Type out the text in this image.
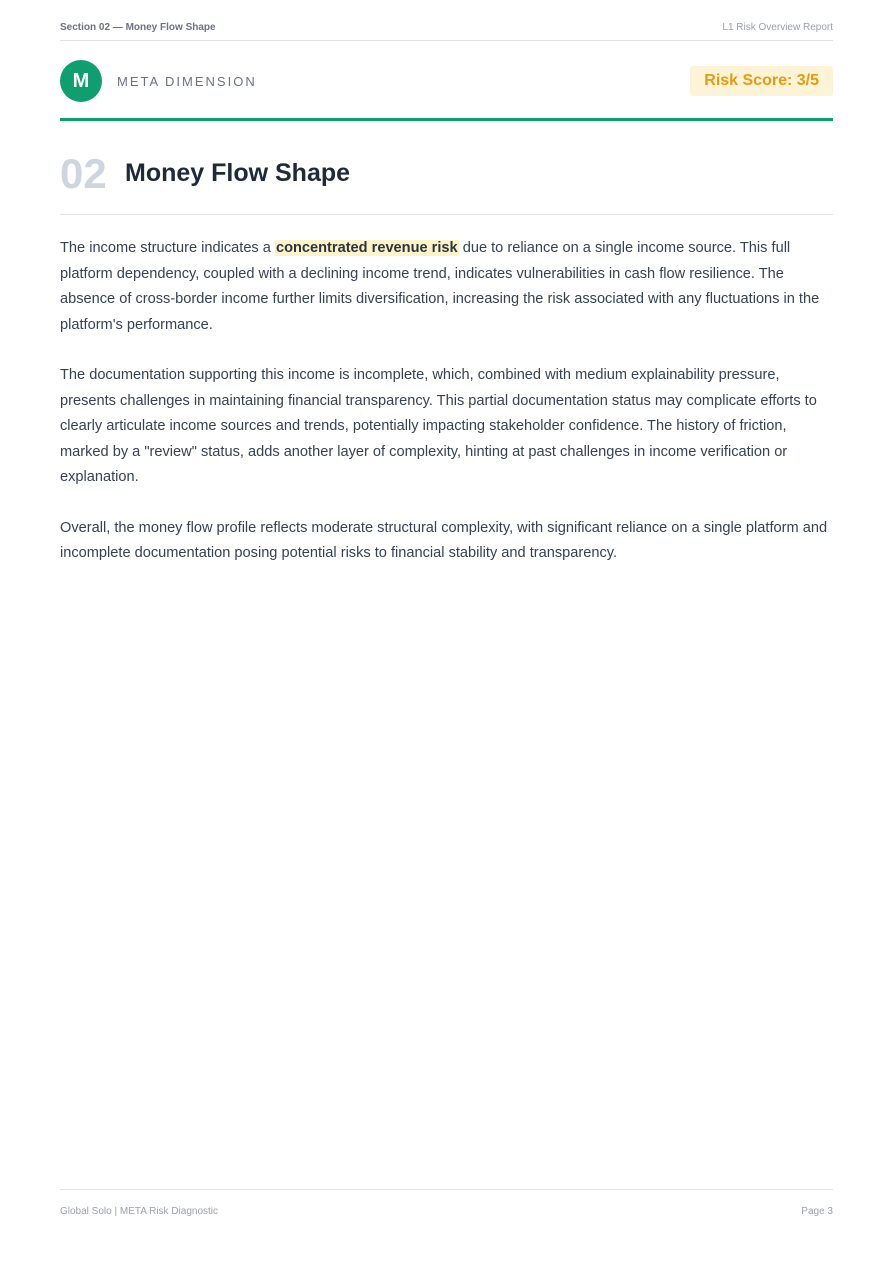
Section 02 — Money Flow Shape	L1 Risk Overview Report
M	META DIMENSION	Risk Score: 3/5
02 Money Flow Shape

The income structure indicates a concentrated revenue risk due to reliance on a single income source. This full platform dependency, coupled with a declining income trend, indicates vulnerabilities in cash flow resilience. The absence of cross-border income further limits diversification, increasing the risk associated with any fluctuations in the platform's performance.

The documentation supporting this income is incomplete, which, combined with medium explainability pressure, presents challenges in maintaining financial transparency. This partial documentation status may complicate efforts to clearly articulate income sources and trends, potentially impacting stakeholder confidence. The history of friction, marked by a "review" status, adds another layer of complexity, hinting at past challenges in income verification or explanation.

Overall, the money flow profile reflects moderate structural complexity, with significant reliance on a single platform and incomplete documentation posing potential risks to financial stability and transparency.

Global Solo | META Risk Diagnostic	Page 3
